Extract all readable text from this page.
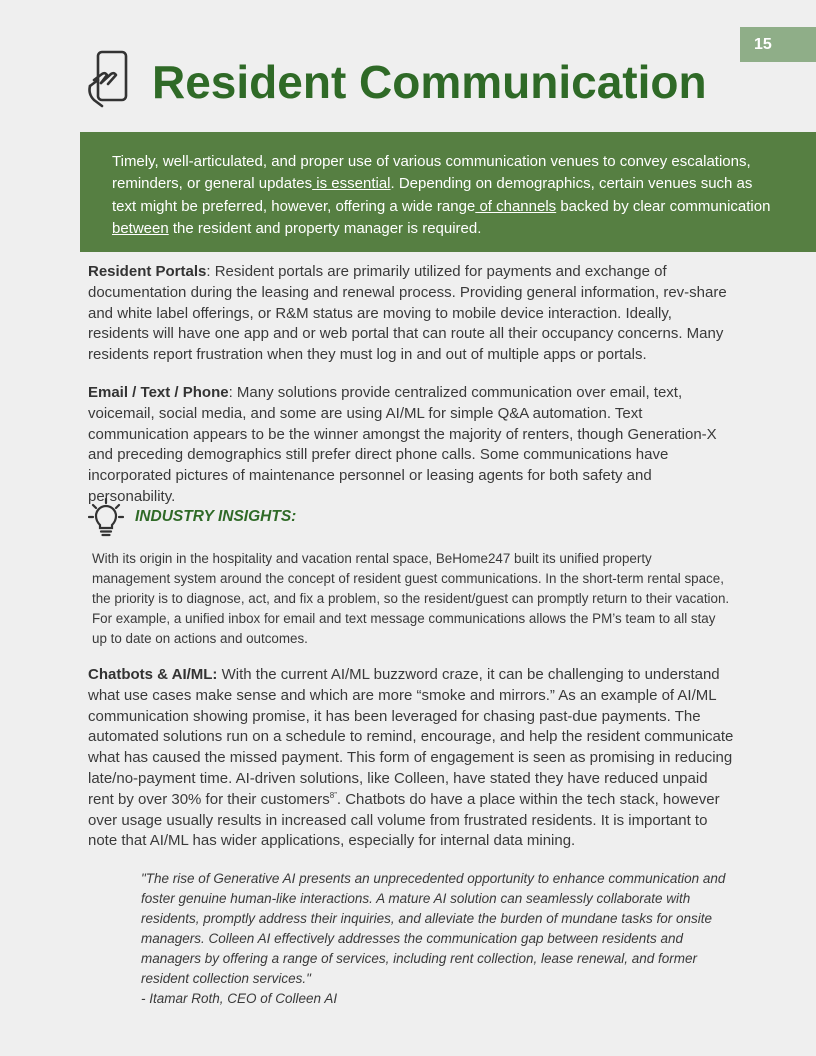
15
Resident Communication
Timely, well-articulated, and proper use of various communication venues to convey escalations, reminders, or general updates is essential. Depending on demographics, certain venues such as text might be preferred, however, offering a wide range of channels backed by clear communication between the resident and property manager is required.

Resident Portals: Resident portals are primarily utilized for payments and exchange of documentation during the leasing and renewal process. Providing general information, rev-share and white label offerings, or R&M status are moving to mobile device interaction. Ideally, residents will have one app and or web portal that can route all their occupancy concerns. Many residents report frustration when they must log in and out of multiple apps or portals.

Email / Text / Phone: Many solutions provide centralized communication over email, text, voicemail, social media, and some are using AI/ML for simple Q&A automation. Text communication appears to be the winner amongst the majority of renters, though Generation-X and preceding demographics still prefer direct phone calls. Some communications have incorporated pictures of maintenance personnel or leasing agents for both safety and personability.

INDUSTRY INSIGHTS:

With its origin in the hospitality and vacation rental space, BeHome247 built its unified property management system around the concept of resident guest communications. In the short-term rental space, the priority is to diagnose, act, and fix a problem, so the resident/guest can promptly return to their vacation. For example, a unified inbox for email and text message communications allows the PM’s team to all stay up to date on actions and outcomes.

Chatbots & AI/ML: With the current AI/ML buzzword craze, it can be challenging to understand what use cases make sense and which are more “smoke and mirrors.” As an example of AI/ML communication showing promise, it has been leveraged for chasing past-due payments. The automated solutions run on a schedule to remind, encourage, and help the resident communicate what has caused the missed payment. This form of engagement is seen as promising in reducing late/no-payment time. AI-driven solutions, like Colleen, have stated they have reduced unpaid rent by over 30% for their customers$^{8”}$. Chatbots do have a place within the tech stack, however over usage usually results in increased call volume from frustrated residents. It is important to note that AI/ML has wider applications, especially for internal data mining.

"The rise of Generative AI presents an unprecedented opportunity to enhance communication and foster genuine human-like interactions. A mature AI solution can seamlessly collaborate with residents, promptly address their inquiries, and alleviate the burden of mundane tasks for onsite managers. Colleen AI effectively addresses the communication gap between residents and managers by offering a range of services, including rent collection, lease renewal, and former resident collection services."
- Itamar Roth, CEO of Colleen AI
